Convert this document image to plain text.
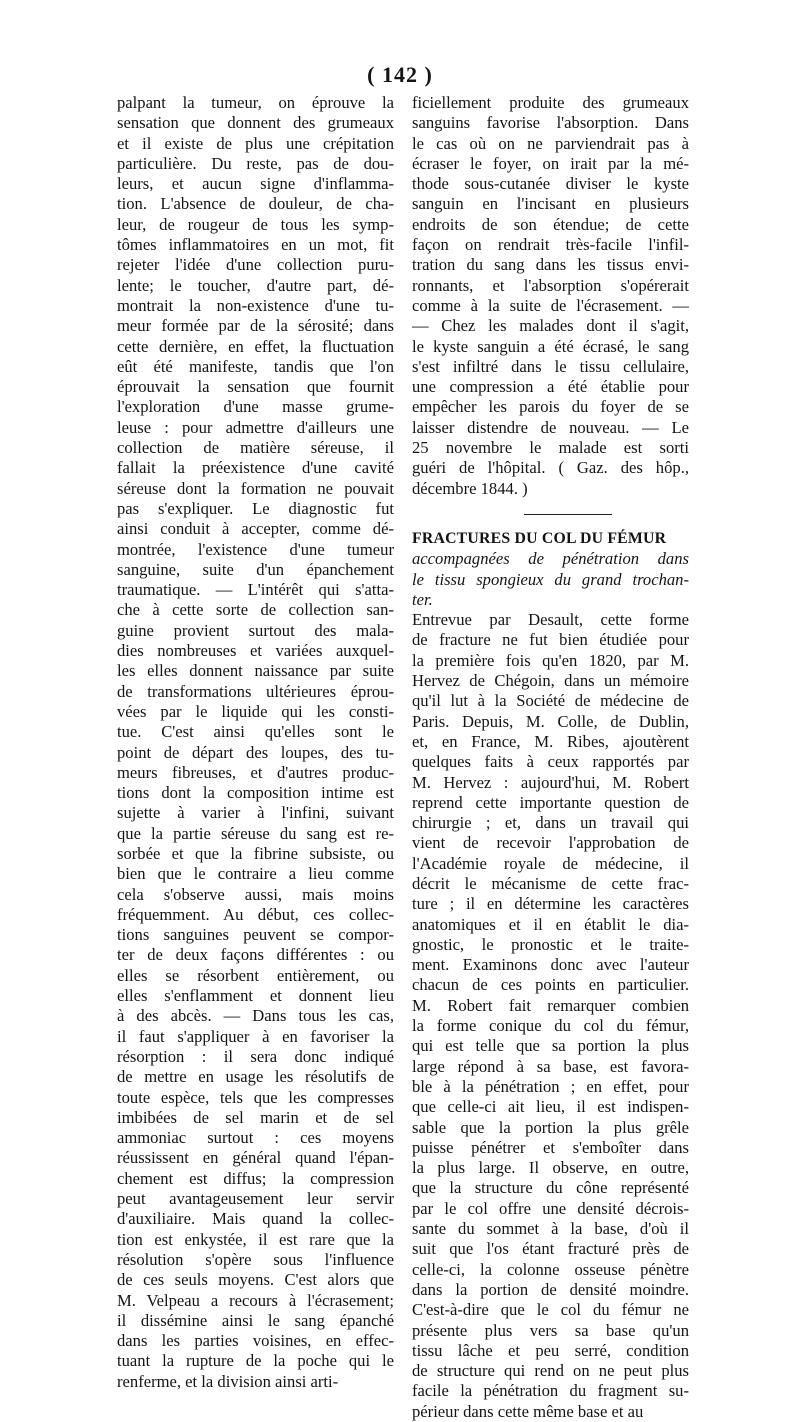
( 142 )
palpant la tumeur, on éprouve la
sensation que donnent des grumeaux
et il existe de plus une crépitation
particulière. Du reste, pas de dou-
leurs, et aucun signe d'inflamma-
tion. L'absence de douleur, de cha-
leur, de rougeur de tous les symp-
tômes inflammatoires en un mot, fit
rejeter l'idée d'une collection puru-
lente; le toucher, d'autre part, dé-
montrait la non-existence d'une tu-
meur formée par de la sérosité; dans
cette dernière, en effet, la fluctuation
eût été manifeste, tandis que l'on
éprouvait la sensation que fournit
l'exploration d'une masse grume-
leuse : pour admettre d'ailleurs une
collection de matière séreuse, il
fallait la préexistence d'une cavité
séreuse dont la formation ne pouvait
pas s'expliquer. Le diagnostic fut
ainsi conduit à accepter, comme dé-
montrée, l'existence d'une tumeur
sanguine, suite d'un épanchement
traumatique. — L'intérêt qui s'atta-
che à cette sorte de collection san-
guine provient surtout des mala-
dies nombreuses et variées auxquel-
les elles donnent naissance par suite
de transformations ultérieures éprou-
vées par le liquide qui les consti-
tue. C'est ainsi qu'elles sont le
point de départ des loupes, des tu-
meurs fibreuses, et d'autres produc-
tions dont la composition intime est
sujette à varier à l'infini, suivant
que la partie séreuse du sang est re-
sorbée et que la fibrine subsiste, ou
bien que le contraire a lieu comme
cela s'observe aussi, mais moins
fréquemment. Au début, ces collec-
tions sanguines peuvent se compor-
ter de deux façons différentes : ou
elles se résorbent entièrement, ou
elles s'enflamment et donnent lieu
à des abcès. — Dans tous les cas,
il faut s'appliquer à en favoriser la
résorption : il sera donc indiqué
de mettre en usage les résolutifs de
toute espèce, tels que les compresses
imbibées de sel marin et de sel
ammoniac surtout : ces moyens
réussissent en général quand l'épan-
chement est diffus; la compression
peut avantageusement leur servir
d'auxiliaire. Mais quand la collec-
tion est enkystée, il est rare que la
résolution s'opère sous l'influence
de ces seuls moyens. C'est alors que
M. Velpeau a recours à l'écrasement;
il dissémine ainsi le sang épanché
dans les parties voisines, en effec-
tuant la rupture de la poche qui le
renferme, et la division ainsi arti-
ficiellement produite des grumeaux
sanguins favorise l'absorption. Dans
le cas où on ne parviendrait pas à
écraser le foyer, on irait par la mé-
thode sous-cutanée diviser le kyste
sanguin en l'incisant en plusieurs
endroits de son étendue; de cette
façon on rendrait très-facile l'infil-
tration du sang dans les tissus envi-
ronnants, et l'absorption s'opérerait
comme à la suite de l'écrasement. —
— Chez les malades dont il s'agit,
le kyste sanguin a été écrasé, le sang
s'est infiltré dans le tissu cellulaire,
une compression a été établie pour
empêcher les parois du foyer de se
laisser distendre de nouveau. — Le
25 novembre le malade est sorti
guéri de l'hôpital. ( Gaz. des hôp.,
décembre 1844. )
FRACTURES DU COL DU FÉMUR
accompagnées de pénétration dans
le tissu spongieux du grand trochan-
ter.
Entrevue par Desault, cette forme
de fracture ne fut bien étudiée pour
la première fois qu'en 1820, par M.
Hervez de Chégoin, dans un mémoire
qu'il lut à la Société de médecine de
Paris. Depuis, M. Colle, de Dublin,
et, en France, M. Ribes, ajoutèrent
quelques faits à ceux rapportés par
M. Hervez : aujourd'hui, M. Robert
reprend cette importante question de
chirurgie ; et, dans un travail qui
vient de recevoir l'approbation de
l'Académie royale de médecine, il
décrit le mécanisme de cette frac-
ture ; il en détermine les caractères
anatomiques et il en établit le dia-
gnostic, le pronostic et le traite-
ment. Examinons donc avec l'auteur
chacun de ces points en particulier.
M. Robert fait remarquer combien
la forme conique du col du fémur,
qui est telle que sa portion la plus
large répond à sa base, est favora-
ble à la pénétration ; en effet, pour
que celle-ci ait lieu, il est indispen-
sable que la portion la plus grêle
puisse pénétrer et s'emboîter dans
la plus large. Il observe, en outre,
que la structure du cône représenté
par le col offre une densité décrois-
sante du sommet à la base, d'où il
suit que l'os étant fracturé près de
celle-ci, la colonne osseuse pénètre
dans la portion de densité moindre.
C'est-à-dire que le col du fémur ne
présente plus vers sa base qu'un
tissu lâche et peu serré, condition
de structure qui rend on ne peut plus
facile la pénétration du fragment su-
périeur dans cette même base et au
